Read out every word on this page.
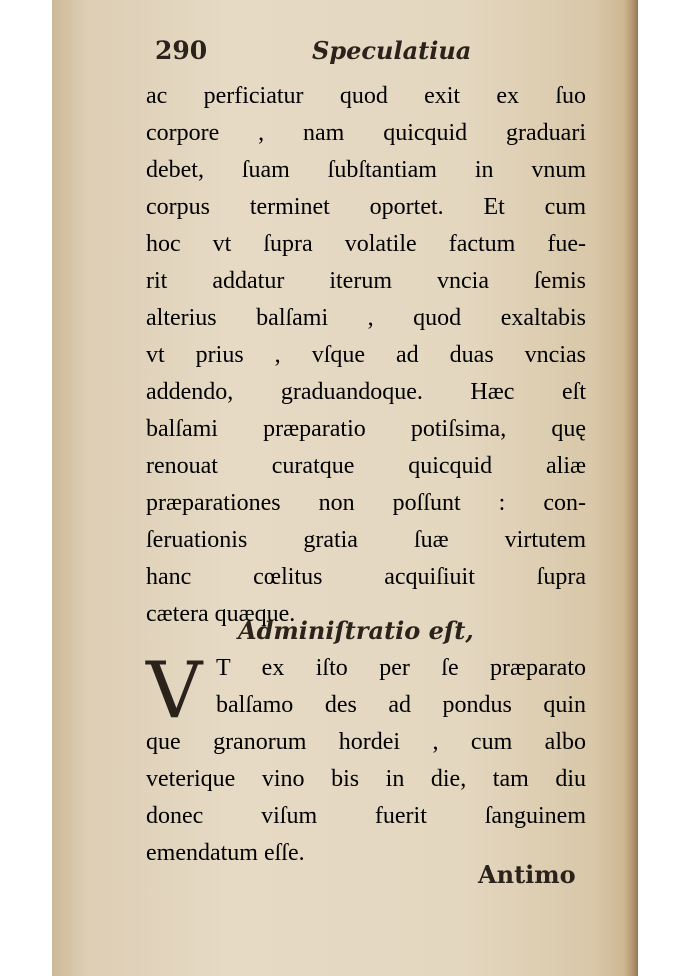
290	Speculatiua
ac perficiatur quod exit ex ſuo
corpore , nam quicquid graduari
debet, ſuam ſubſtantiam in vnum
corpus terminet oportet. Et cum
hoc vt ſupra volatile factum fue-
rit addatur iterum vncia ſemis
alterius balſami , quod exaltabis
vt prius , vſque ad duas vncias
addendo, graduandoque. Hæc eſt
balſami præparatio potiſsima, quę
renouat curatque quicquid aliæ
præparationes non poſſunt : con-
ſeruationis gratia ſuæ virtutem
hanc cœlitus acquiſiuit ſupra
cætera quæque.
Adminiſtratio eſt,
V T ex iſto per ſe præparato
balſamo des ad pondus quin
que granorum hordei , cum albo
veterique vino bis in die, tam diu
donec viſum fuerit ſanguinem
emendatum eſſe.
Antimo
